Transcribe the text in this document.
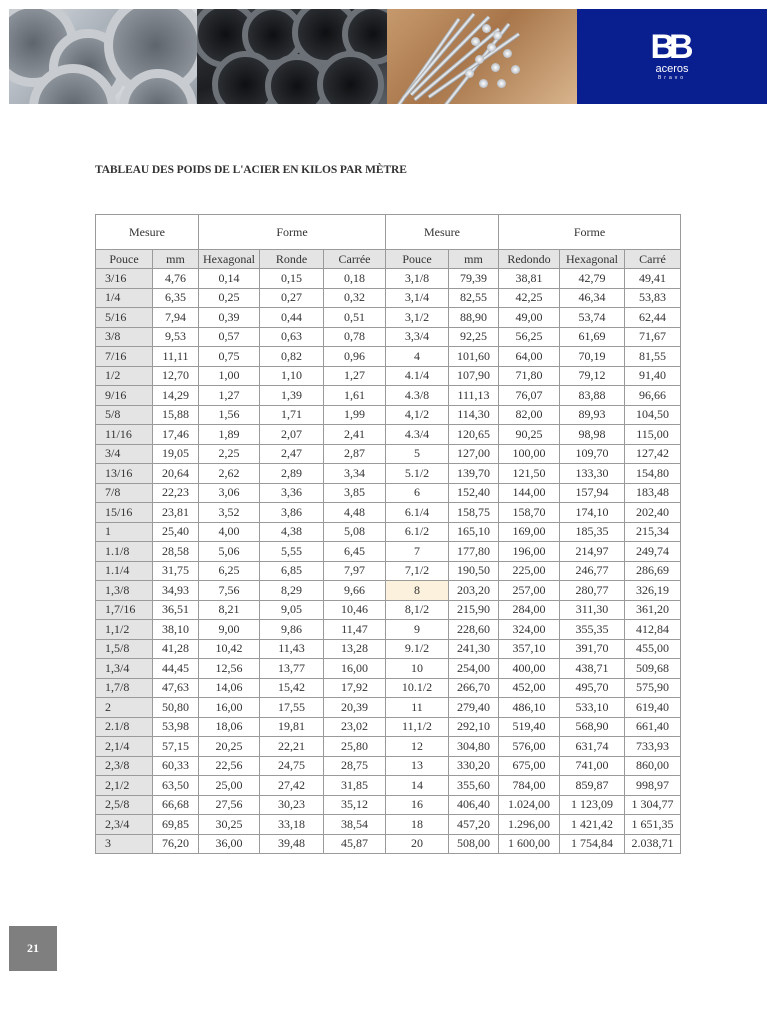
BB
aceros
Bravo
TABLEAU DES POIDS DE L'ACIER EN KILOS PAR MÈTRE
Mesure		Forme			Mesure		Forme		
Pouce	mm	Hexagonal	Ronde	Carrée	Pouce	mm	Redondo	Hexagonal	Carré
3/16	4,76	0,14	0,15	0,18	3,1/8	79,39	38,81	42,79	49,41
1/4	6,35	0,25	0,27	0,32	3,1/4	82,55	42,25	46,34	53,83
5/16	7,94	0,39	0,44	0,51	3,1/2	88,90	49,00	53,74	62,44
3/8	9,53	0,57	0,63	0,78	3,3/4	92,25	56,25	61,69	71,67
7/16	11,11	0,75	0,82	0,96	4	101,60	64,00	70,19	81,55
1/2	12,70	1,00	1,10	1,27	4.1/4	107,90	71,80	79,12	91,40
9/16	14,29	1,27	1,39	1,61	4.3/8	111,13	76,07	83,88	96,66
5/8	15,88	1,56	1,71	1,99	4,1/2	114,30	82,00	89,93	104,50
11/16	17,46	1,89	2,07	2,41	4.3/4	120,65	90,25	98,98	115,00
3/4	19,05	2,25	2,47	2,87	5	127,00	100,00	109,70	127,42
13/16	20,64	2,62	2,89	3,34	5.1/2	139,70	121,50	133,30	154,80
7/8	22,23	3,06	3,36	3,85	6	152,40	144,00	157,94	183,48
15/16	23,81	3,52	3,86	4,48	6.1/4	158,75	158,70	174,10	202,40
1	25,40	4,00	4,38	5,08	6.1/2	165,10	169,00	185,35	215,34
1.1/8	28,58	5,06	5,55	6,45	7	177,80	196,00	214,97	249,74
1.1/4	31,75	6,25	6,85	7,97	7,1/2	190,50	225,00	246,77	286,69
1,3/8	34,93	7,56	8,29	9,66	8	203,20	257,00	280,77	326,19
1,7/16	36,51	8,21	9,05	10,46	8,1/2	215,90	284,00	311,30	361,20
1,1/2	38,10	9,00	9,86	11,47	9	228,60	324,00	355,35	412,84
1,5/8	41,28	10,42	11,43	13,28	9.1/2	241,30	357,10	391,70	455,00
1,3/4	44,45	12,56	13,77	16,00	10	254,00	400,00	438,71	509,68
1,7/8	47,63	14,06	15,42	17,92	10.1/2	266,70	452,00	495,70	575,90
2	50,80	16,00	17,55	20,39	11	279,40	486,10	533,10	619,40
2.1/8	53,98	18,06	19,81	23,02	11,1/2	292,10	519,40	568,90	661,40
2,1/4	57,15	20,25	22,21	25,80	12	304,80	576,00	631,74	733,93
2,3/8	60,33	22,56	24,75	28,75	13	330,20	675,00	741,00	860,00
2,1/2	63,50	25,00	27,42	31,85	14	355,60	784,00	859,87	998,97
2,5/8	66,68	27,56	30,23	35,12	16	406,40	1.024,00	1 123,09	1 304,77
2,3/4	69,85	30,25	33,18	38,54	18	457,20	1.296,00	1 421,42	1 651,35
3	76,20	36,00	39,48	45,87	20	508,00	1 600,00	1 754,84	2.038,71
21
